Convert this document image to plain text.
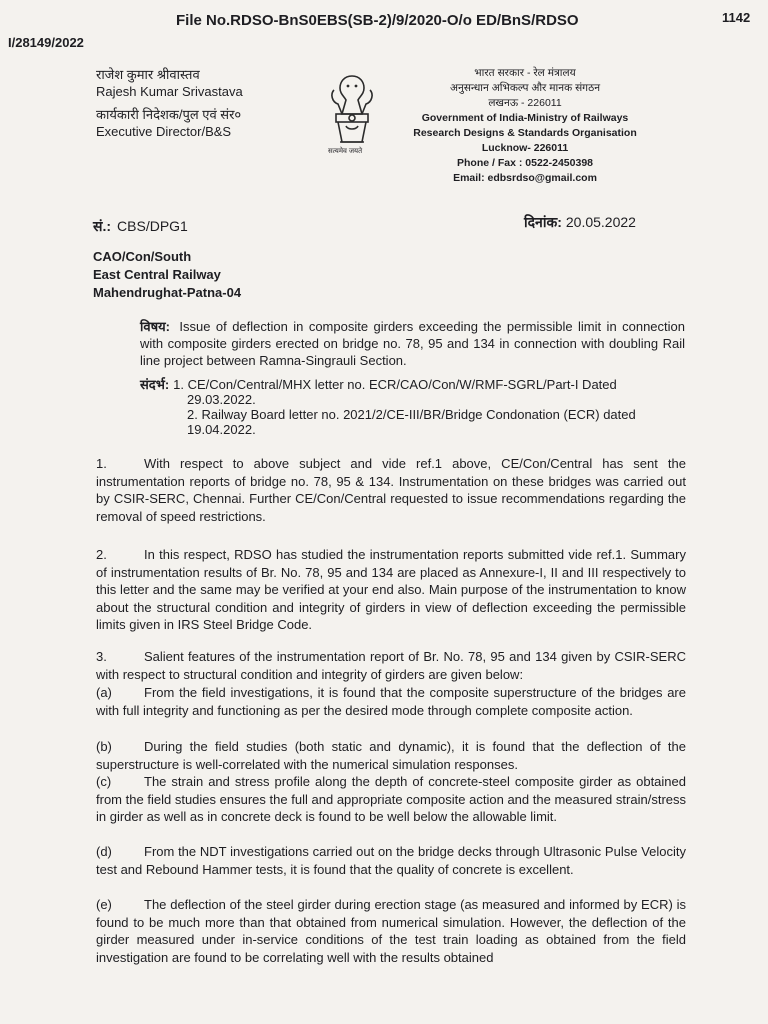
File No.RDSO-BnS0EBS(SB-2)/9/2020-O/o ED/BnS/RDSO	1142
I/28149/2022
राजेश कुमार श्रीवास्तव
Rajesh Kumar Srivastava
कार्यकारी निदेशक/पुल एवं संर०
Executive Director/B&S
सत्यमेव जयते
भारत सरकार - रेल मंत्रालय
अनुसन्धान अभिकल्प और मानक संगठन
लखनऊ - 226011
Government of India-Ministry of Railways
Research Designs & Standards Organisation
Lucknow- 226011
Phone / Fax : 0522-2450398
Email: edbsrdso@gmail.com
सं.: CBS/DPG1	दिनांक: 20.05.2022
CAO/Con/South
East Central Railway
Mahendrughat-Patna-04
विषय: Issue of deflection in composite girders exceeding the permissible limit in connection with composite girders erected on bridge no. 78, 95 and 134 in connection with doubling Rail line project between Ramna-Singrauli Section.
संदर्भ: 1. CE/Con/Central/MHX letter no. ECR/CAO/Con/W/RMF-SGRL/Part-I Dated
29.03.2022.
2. Railway Board letter no. 2021/2/CE-III/BR/Bridge Condonation (ECR) dated
19.04.2022.
1.	With respect to above subject and vide ref.1 above, CE/Con/Central has sent the instrumentation reports of bridge no. 78, 95 & 134. Instrumentation on these bridges was carried out by CSIR-SERC, Chennai. Further CE/Con/Central requested to issue recommendations regarding the removal of speed restrictions.
2.	In this respect, RDSO has studied the instrumentation reports submitted vide ref.1. Summary of instrumentation results of Br. No. 78, 95 and 134 are placed as Annexure-I, II and III respectively to this letter and the same may be verified at your end also. Main purpose of the instrumentation to know about the structural condition and integrity of girders in view of deflection exceeding the permissible limits given in IRS Steel Bridge Code.
3.	Salient features of the instrumentation report of Br. No. 78, 95 and 134 given by CSIR-SERC with respect to structural condition and integrity of girders are given below:
(a) From the field investigations, it is found that the composite superstructure of the bridges are with full integrity and functioning as per the desired mode through complete composite action.
(b) During the field studies (both static and dynamic), it is found that the deflection of the superstructure is well-correlated with the numerical simulation responses.
(c)	The strain and stress profile along the depth of concrete-steel composite girder as obtained from the field studies ensures the full and appropriate composite action and the measured strain/stress in girder as well as in concrete deck is found to be well below the allowable limit.
(d) From the NDT investigations carried out on the bridge decks through Ultrasonic Pulse Velocity test and Rebound Hammer tests, it is found that the quality of concrete is excellent.
(e) The deflection of the steel girder during erection stage (as measured and informed by ECR) is found to be much more than that obtained from numerical simulation. However, the deflection of the girder measured under in-service conditions of the test train loading as obtained from the field investigation are found to be correlating well with the results obtained
